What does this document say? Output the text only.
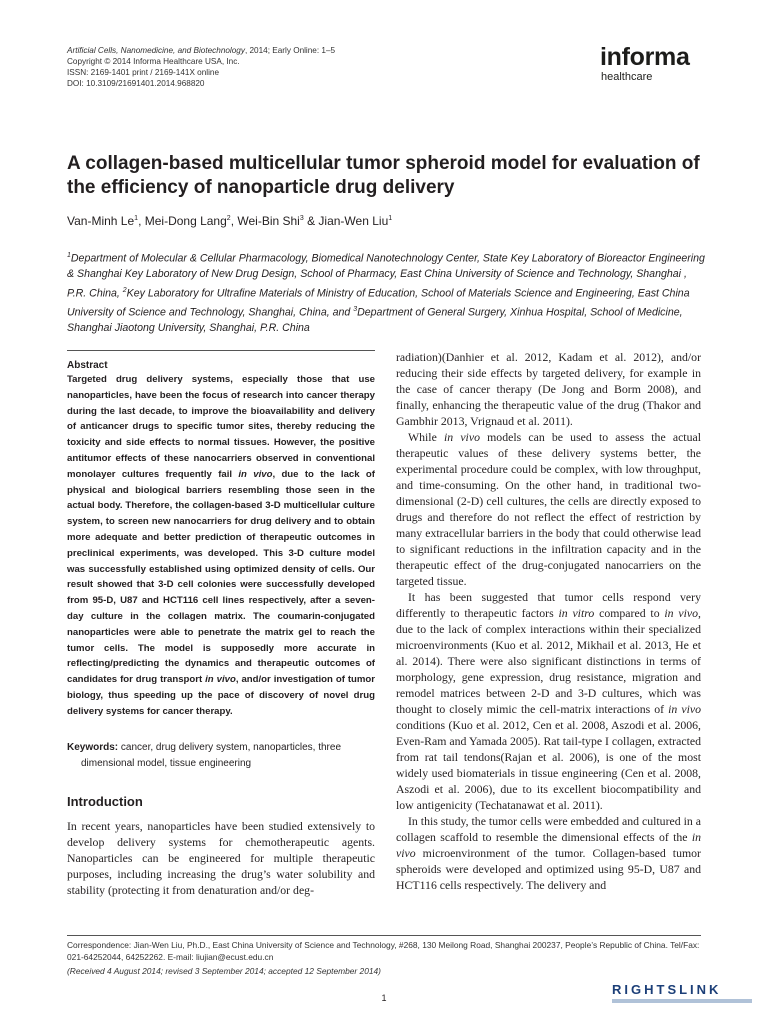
Artificial Cells, Nanomedicine, and Biotechnology, 2014; Early Online: 1–5
Copyright © 2014 Informa Healthcare USA, Inc.
ISSN: 2169-1401 print / 2169-141X online
DOI: 10.3109/21691401.2014.968820
informa
healthcare
A collagen-based multicellular tumor spheroid model for evaluation of the efficiency of nanoparticle drug delivery
Van-Minh Le$^1$, Mei-Dong Lang$^2$, Wei-Bin Shi$^3$ & Jian-Wen Liu$^1$
$^1$Department of Molecular & Cellular Pharmacology, Biomedical Nanotechnology Center, State Key Laboratory of Bioreactor Engineering & Shanghai Key Laboratory of New Drug Design, School of Pharmacy, East China University of Science and Technology, Shanghai , P.R. China, $^2$Key Laboratory for Ultrafine Materials of Ministry of Education, School of Materials Science and Engineering, East China University of Science and Technology, Shanghai, China, and $^3$Department of General Surgery, Xinhua Hospital, School of Medicine, Shanghai Jiaotong University, Shanghai, P.R. China
Abstract

Targeted drug delivery systems, especially those that use nanoparticles, have been the focus of research into cancer therapy during the last decade, to improve the bioavailability and delivery of anticancer drugs to specific tumor sites, thereby reducing the toxicity and side effects to normal tissues. However, the positive antitumor effects of these nanocarriers observed in conventional monolayer cultures frequently fail in vivo, due to the lack of physical and biological barriers resembling those seen in the actual body. Therefore, the collagen-based 3-D multicellular culture system, to screen new nanocarriers for drug delivery and to obtain more adequate and better prediction of therapeutic outcomes in preclinical experiments, was developed. This 3-D culture model was successfully established using optimized density of cells. Our result showed that 3-D cell colonies were successfully developed from 95-D, U87 and HCT116 cell lines respectively, after a seven-day culture in the collagen matrix. The coumarin-conjugated nanoparticles were able to penetrate the matrix gel to reach the tumor cells. The model is supposedly more accurate in reflecting/predicting the dynamics and therapeutic outcomes of candidates for drug transport in vivo, and/or investigation of tumor biology, thus speeding up the pace of discovery of novel drug delivery systems for cancer therapy.

Keywords: cancer, drug delivery system, nanoparticles, three
dimensional model, tissue engineering
Introduction

In recent years, nanoparticles have been studied extensively to develop delivery systems for chemotherapeutic agents. Nanoparticles can be engineered for multiple therapeutic purposes, including increasing the drug’s water solubility and stability (protecting it from denaturation and/or deg-

radiation)(Danhier et al. 2012, Kadam et al. 2012), and/or reducing their side effects by targeted delivery, for example in the case of cancer therapy (De Jong and Borm 2008), and finally, enhancing the therapeutic value of the drug (Thakor and Gambhir 2013, Vrignaud et al. 2011).

While in vivo models can be used to assess the actual therapeutic values of these delivery systems better, the experimental procedure could be complex, with low throughput, and time-consuming. On the other hand, in traditional two-dimensional (2-D) cell cultures, the cells are directly exposed to drugs and therefore do not reflect the effect of restriction by many extracellular barriers in the body that could otherwise lead to significant reductions in the infiltration capacity and in the therapeutic effect of the drug-conjugated nanocarriers on the targeted tissue.

It has been suggested that tumor cells respond very differently to therapeutic factors in vitro compared to in vivo, due to the lack of complex interactions within their specialized microenvironments (Kuo et al. 2012, Mikhail et al. 2013, He et al. 2014). There were also significant distinctions in terms of morphology, gene expression, drug resistance, migration and remodel matrices between 2-D and 3-D cultures, which was thought to closely mimic the cell-matrix interactions of in vivo conditions (Kuo et al. 2012, Cen et al. 2008, Aszodi et al. 2006, Even-Ram and Yamada 2005). Rat tail-type I collagen, extracted from rat tail tendons(Rajan et al. 2006), is one of the most widely used biomaterials in tissue engineering (Cen et al. 2008, Aszodi et al. 2006), due to its excellent biocompatibility and low antigenicity (Techatanawat et al. 2011).

In this study, the tumor cells were embedded and cultured in a collagen scaffold to resemble the dimensional effects of the in vivo microenvironment of the tumor. Collagen-based tumor spheroids were developed and optimized using 95-D, U87 and HCT116 cells respectively. The delivery and

Correspondence: Jian-Wen Liu, Ph.D., East China University of Science and Technology, #268, 130 Meilong Road, Shanghai 200237, People’s Republic of China. Tel/Fax: 021-64252044, 64252262. E-mail: liujian@ecust.edu.cn
(Received 4 August 2014; revised 3 September 2014; accepted 12 September 2014)
1
RIGHTSLINK
